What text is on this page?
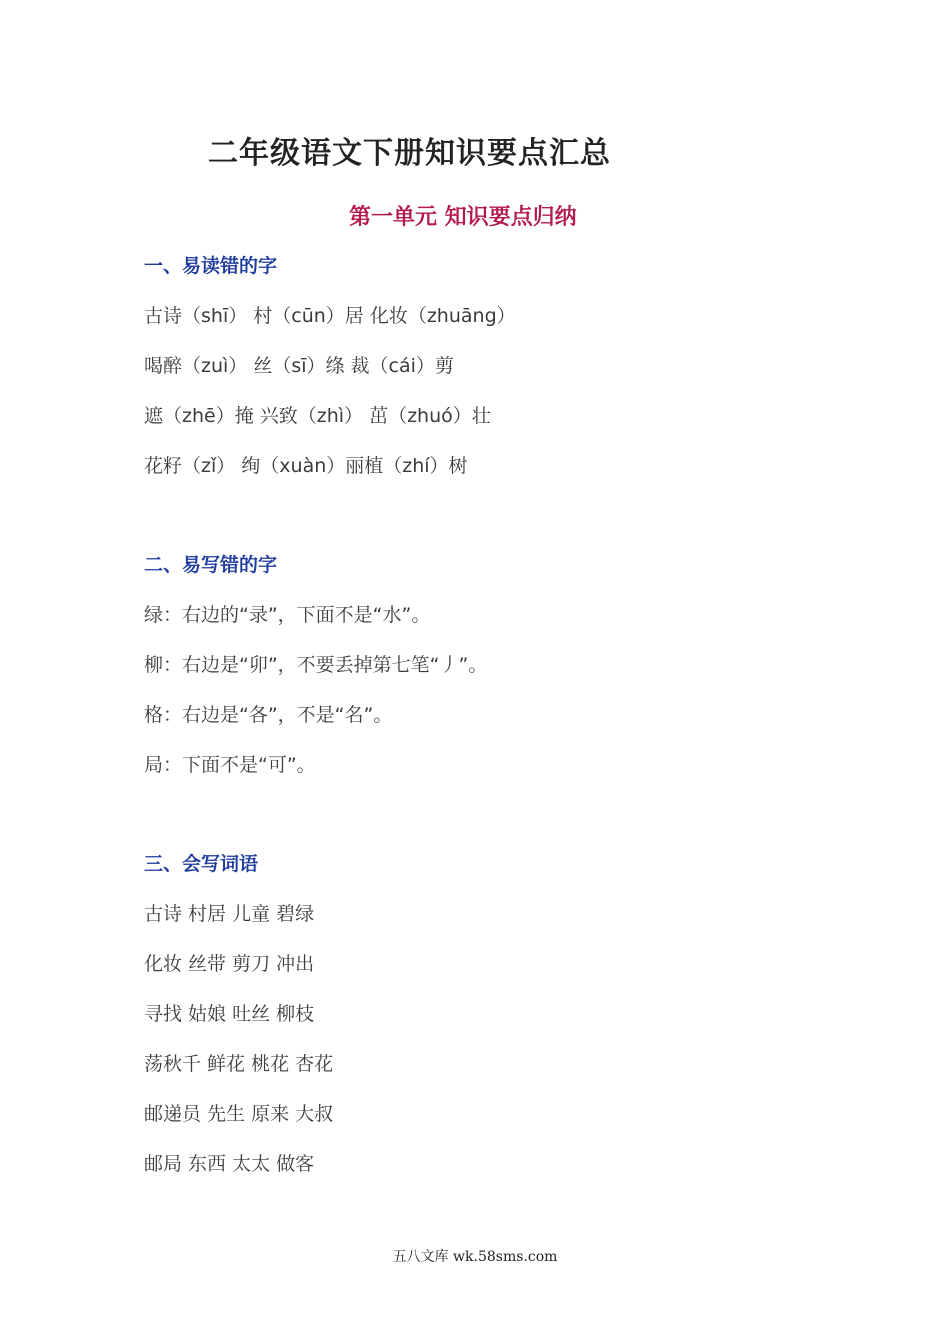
二年级语文下册知识要点汇总
第一单元 知识要点归纳
一、易读错的字
古诗（shī） 村（cūn）居 化妆（zhuāng）
喝醉（zuì） 丝（sī）绦 裁（cái）剪
遮（zhē）掩 兴致（zhì） 茁（zhuó）壮
花籽（zǐ） 绚（xuàn）丽植（zhí）树
二、易写错的字
绿：右边的“录”，下面不是“水”。
柳：右边是“卯”，不要丢掉第七笔“丿”。
格：右边是“各”，不是“名”。
局：下面不是“可”。
三、会写词语
古诗 村居 儿童 碧绿
化妆 丝带 剪刀 冲出
寻找 姑娘 吐丝 柳枝
荡秋千 鲜花 桃花 杏花
邮递员 先生 原来 大叔
邮局 东西 太太 做客
五八文库 wk.58sms.com
